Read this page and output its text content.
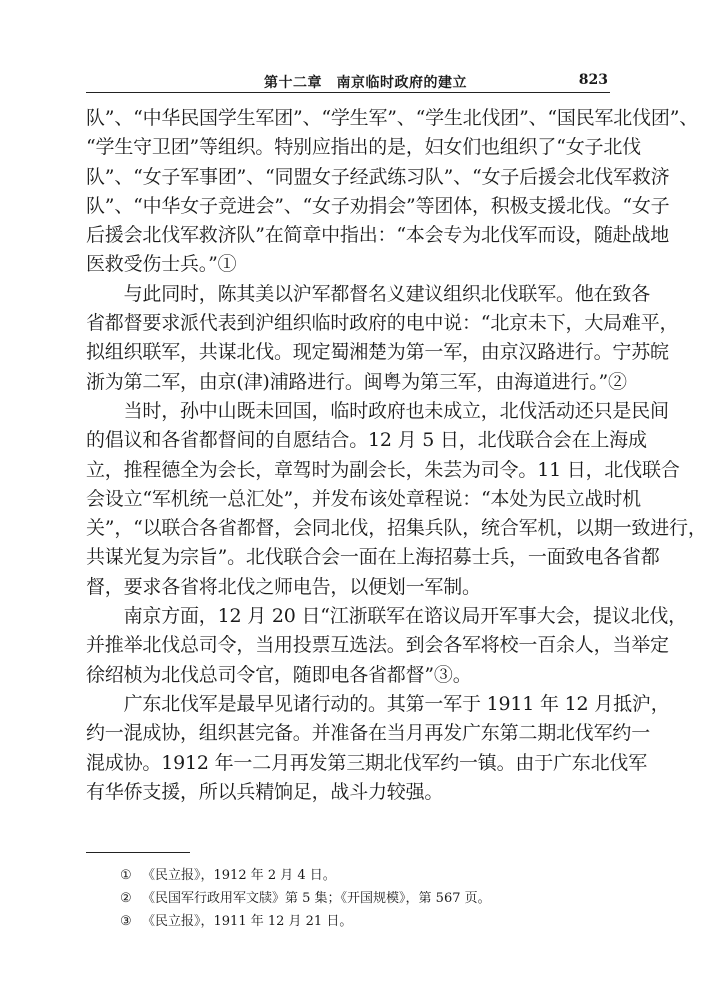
第十二章　南京临时政府的建立	823
队”、“中华民国学生军团”、“学生军”、“学生北伐团”、“国民军北伐团”、
“学生守卫团”等组织。特别应指出的是，妇女们也组织了“女子北伐
队”、“女子军事团”、“同盟女子经武练习队”、“女子后援会北伐军救济
队”、“中华女子竞进会”、“女子劝捐会”等团体，积极支援北伐。“女子
后援会北伐军救济队”在简章中指出：“本会专为北伐军而设，随赴战地
医救受伤士兵。”①
　　与此同时，陈其美以沪军都督名义建议组织北伐联军。他在致各
省都督要求派代表到沪组织临时政府的电中说：“北京未下，大局难平，
拟组织联军，共谋北伐。现定蜀湘楚为第一军，由京汉路进行。宁苏皖
浙为第二军，由京(津)浦路进行。闽粤为第三军，由海道进行。”②
　　当时，孙中山既未回国，临时政府也未成立，北伐活动还只是民间
的倡议和各省都督间的自愿结合。12 月 5 日，北伐联合会在上海成
立，推程德全为会长，章驾时为副会长，朱芸为司令。11 日，北伐联合
会设立“军机统一总汇处”，并发布该处章程说：“本处为民立战时机
关”，“以联合各省都督，会同北伐，招集兵队，统合军机，以期一致进行，
共谋光复为宗旨”。北伐联合会一面在上海招募士兵，一面致电各省都
督，要求各省将北伐之师电告，以便划一军制。
　　南京方面，12 月 20 日“江浙联军在谘议局开军事大会，提议北伐，
并推举北伐总司令，当用投票互选法。到会各军将校一百余人，当举定
徐绍桢为北伐总司令官，随即电各省都督”③。
　　广东北伐军是最早见诸行动的。其第一军于 1911 年 12 月抵沪，
约一混成协，组织甚完备。并准备在当月再发广东第二期北伐军约一
混成协。1912 年一二月再发第三期北伐军约一镇。由于广东北伐军
有华侨支援，所以兵精饷足，战斗力较强。
① 《民立报》，1912 年 2 月 4 日。
② 《民国军行政用军文牍》第 5 集；《开国规模》，第 567 页。
③ 《民立报》，1911 年 12 月 21 日。
